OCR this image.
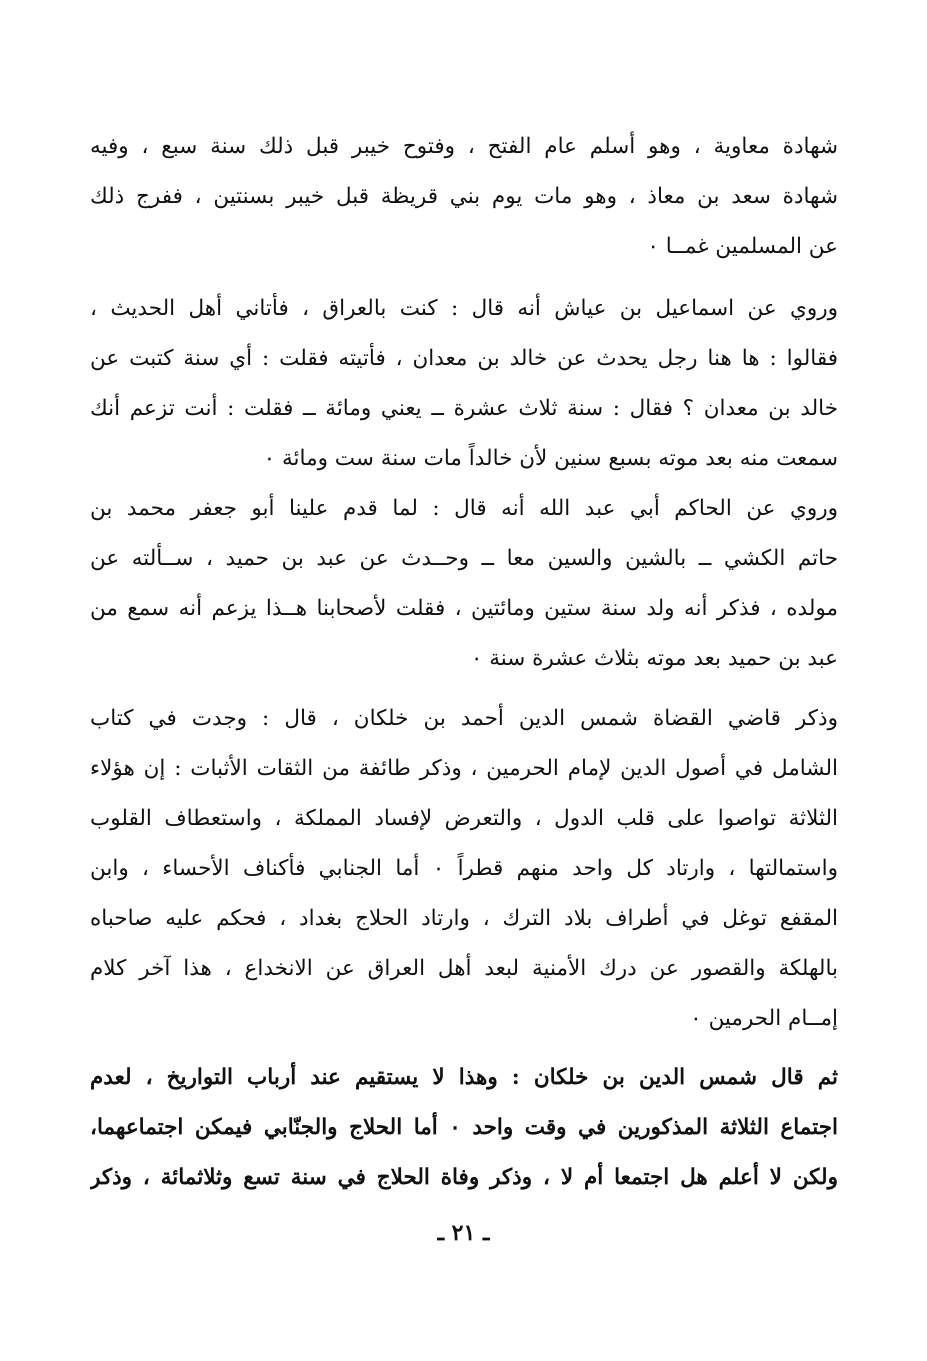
شهادة معاوية ، وهو أسلم عام الفتح ، وفتوح خيبر قبل ذلك سنة سبع ، وفيه
شهادة سعد بن معاذ ، وهو مات يوم بني قريظة قبل خيبر بسنتين ، ففرج ذلك
عن المسلمين غمــا ٠
وروي عن اسماعيل بن عياش أنه قال : كنت بالعراق ، فأتاني أهل الحديث ،
فقالوا : ها هنا رجل يحدث عن خالد بن معدان ، فأتيته فقلت : أي سنة كتبت عن
خالد بن معدان ؟ فقال : سنة ثلاث عشرة ــ يعني ومائة ــ فقلت : أنت تزعم أنك
سمعت منه بعد موته بسبع سنين لأن خالداً مات سنة ست ومائة ٠
وروي عن الحاكم أبي عبد الله أنه قال : لما قدم علينا أبو جعفر محمد بن
حاتم الكشي ــ بالشين والسين معا ــ وحــدث عن عبد بن حميد ، ســألته عن
مولده ، فذكر أنه ولد سنة ستين ومائتين ، فقلت لأصحابنا هــذا يزعم أنه سمع من
عبد بن حميد بعد موته بثلاث عشرة سنة ٠
وذكر قاضي القضاة شمس الدين أحمد بن خلكان ، قال : وجدت في كتاب
الشامل في أصول الدين لإمام الحرمين ، وذكر طائفة من الثقات الأثبات : إن هؤلاء
الثلاثة تواصوا على قلب الدول ، والتعرض لإفساد المملكة ، واستعطاف القلوب
واستمالتها ، وارتاد كل واحد منهم قطراً ٠ أما الجنابي فأكناف الأحساء ، وابن
المقفع توغل في أطراف بلاد الترك ، وارتاد الحلاج بغداد ، فحكم عليه صاحباه
بالهلكة والقصور عن درك الأمنية لبعد أهل العراق عن الانخداع ، هذا آخر كلام
إمــام الحرمين ٠
ثم قال شمس الدين بن خلكان : وهذا لا يستقيم عند أرباب التواريخ ، لعدم
اجتماع الثلاثة المذكورين في وقت واحد ٠ أما الحلاج والجنّابي فيمكن اجتماعهما،
ولكن لا أعلم هل اجتمعا أم لا ، وذكر وفاة الحلاج في سنة تسع وثلاثمائة ، وذكر
ـ ٢١ ـ
